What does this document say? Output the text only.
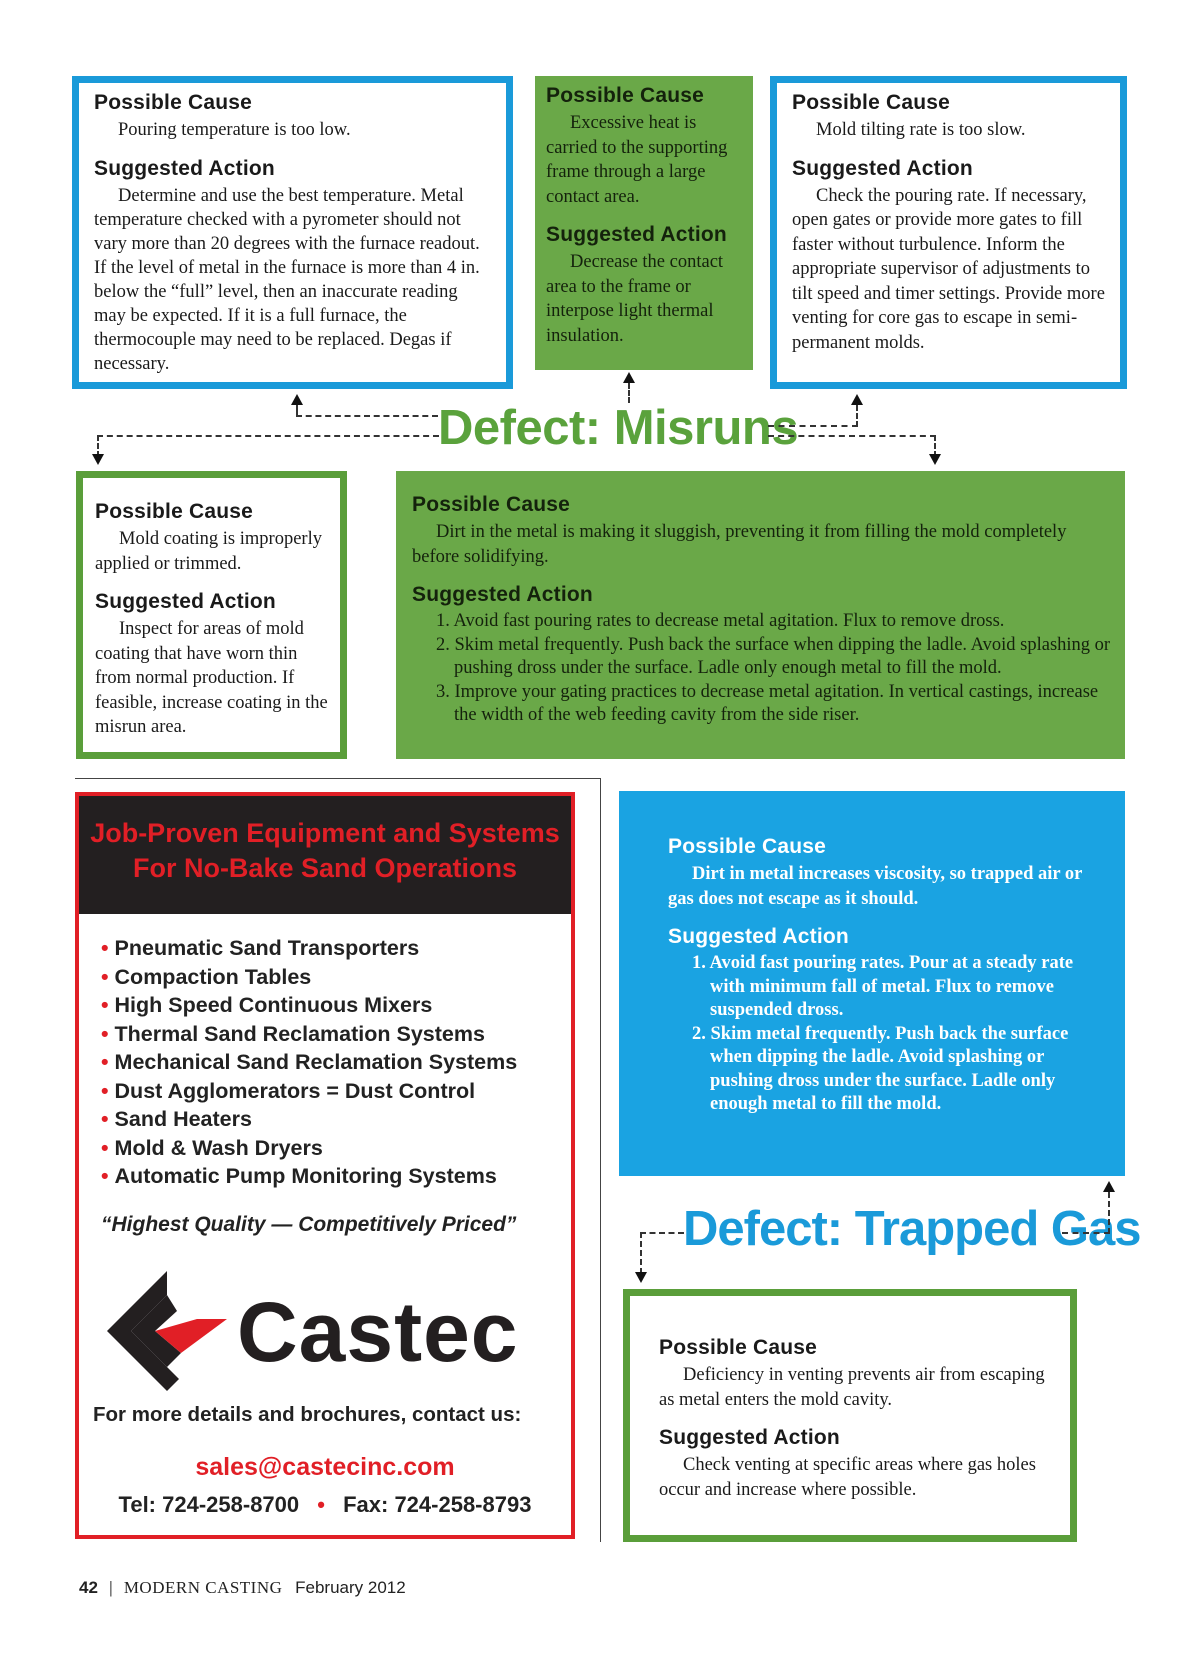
Possible Cause

Pouring temperature is too low.

Suggested Action

Determine and use the best temperature. Metal temperature checked with a pyrometer should not vary more than 20 degrees with the furnace readout. If the level of metal in the furnace is more than 4 in. below the “full” level, then an inaccurate reading may be expected. If it is a full furnace, the thermocouple may need to be replaced. Degas if necessary.

Possible Cause

Excessive heat is carried to the supporting frame through a large contact area.

Suggested Action

Decrease the contact area to the frame or interpose light thermal insulation.

Possible Cause

Mold tilting rate is too slow.

Suggested Action

Check the pouring rate. If necessary, open gates or provide more gates to fill faster without turbulence. Inform the appropriate supervisor of adjustments to tilt speed and timer settings. Provide more venting for core gas to escape in semi-permanent molds.

Defect: Misruns
Possible Cause

Mold coating is improperly applied or trimmed.

Suggested Action

Inspect for areas of mold coating that have worn thin from normal production. If feasible, increase coating in the misrun area.

Possible Cause

Dirt in the metal is making it sluggish, preventing it from filling the mold completely before solidifying.

Suggested Action
1. Avoid fast pouring rates to decrease metal agitation. Flux to remove dross.
2. Skim metal frequently. Push back the surface when dipping the ladle. Avoid splashing or pushing dross under the surface. Ladle only enough metal to fill the mold.
3. Improve your gating practices to decrease metal agitation. In vertical castings, increase the width of the web feeding cavity from the side riser.
Job-Proven Equipment and Systems
For No-Bake Sand Operations
• Pneumatic Sand Transporters
• Compaction Tables
• High Speed Continuous Mixers
• Thermal Sand Reclamation Systems
• Mechanical Sand Reclamation Systems
• Dust Agglomerators = Dust Control
• Sand Heaters
• Mold & Wash Dryers
• Automatic Pump Monitoring Systems
“Highest Quality — Competitively Priced”
Castec
For more details and brochures, contact us:
sales@castecinc.com
Tel: 724-258-8700 • Fax: 724-258-8793
Possible Cause

Dirt in metal increases viscosity, so trapped air or gas does not escape as it should.

Suggested Action
1. Avoid fast pouring rates. Pour at a steady rate with minimum fall of metal. Flux to remove suspended dross.
2. Skim metal frequently. Push back the surface when dipping the ladle. Avoid splashing or pushing dross under the surface. Ladle only enough metal to fill the mold.
Defect: Trapped Gas
Possible Cause

Deficiency in venting prevents air from escaping as metal enters the mold cavity.

Suggested Action

Check venting at specific areas where gas holes occur and increase where possible.

42 | MODERN CASTING February 2012
